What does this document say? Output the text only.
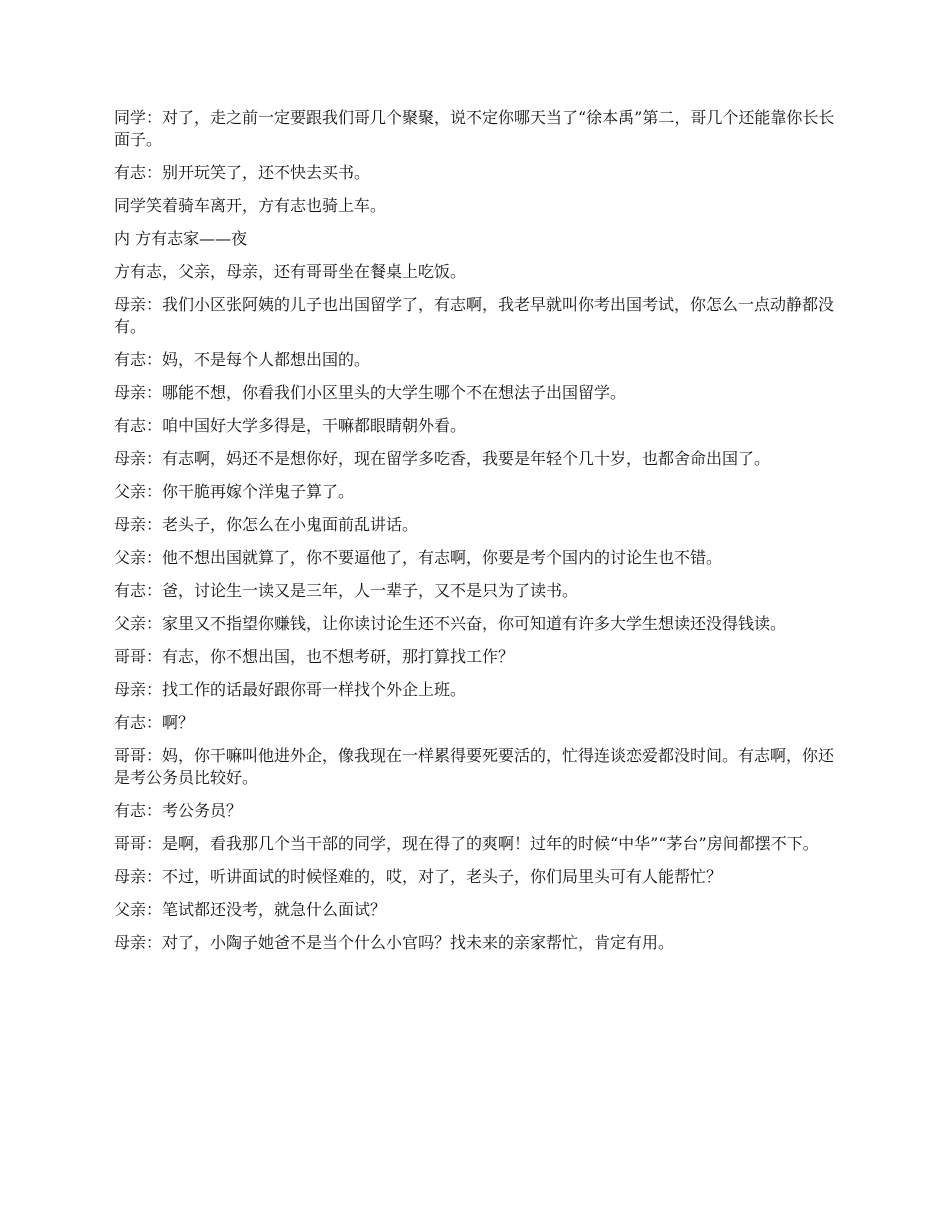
同学：对了，走之前一定要跟我们哥几个聚聚，说不定你哪天当了“徐本禹”第二，哥几个还能靠你长长面子。

有志：别开玩笑了，还不快去买书。

同学笑着骑车离开，方有志也骑上车。

内 方有志家——夜

方有志，父亲，母亲，还有哥哥坐在餐桌上吃饭。

母亲：我们小区张阿姨的儿子也出国留学了，有志啊，我老早就叫你考出国考试，你怎么一点动静都没有。

有志：妈，不是每个人都想出国的。

母亲：哪能不想，你看我们小区里头的大学生哪个不在想法子出国留学。

有志：咱中国好大学多得是，干嘛都眼睛朝外看。

母亲：有志啊，妈还不是想你好，现在留学多吃香，我要是年轻个几十岁，也都舍命出国了。

父亲：你干脆再嫁个洋鬼子算了。

母亲：老头子，你怎么在小鬼面前乱讲话。

父亲：他不想出国就算了，你不要逼他了，有志啊，你要是考个国内的讨论生也不错。

有志：爸，讨论生一读又是三年，人一辈子，又不是只为了读书。

父亲：家里又不指望你赚钱，让你读讨论生还不兴奋，你可知道有许多大学生想读还没得钱读。

哥哥：有志，你不想出国，也不想考研，那打算找工作？

母亲：找工作的话最好跟你哥一样找个外企上班。

有志：啊？

哥哥：妈，你干嘛叫他进外企，像我现在一样累得要死要活的，忙得连谈恋爱都没时间。有志啊，你还是考公务员比较好。

有志：考公务员？

哥哥：是啊，看我那几个当干部的同学，现在得了的爽啊！过年的时候“中华”“茅台”房间都摆不下。

母亲：不过，听讲面试的时候怪难的，哎，对了，老头子，你们局里头可有人能帮忙？

父亲：笔试都还没考，就急什么面试？

母亲：对了，小陶子她爸不是当个什么小官吗？找未来的亲家帮忙，肯定有用。
